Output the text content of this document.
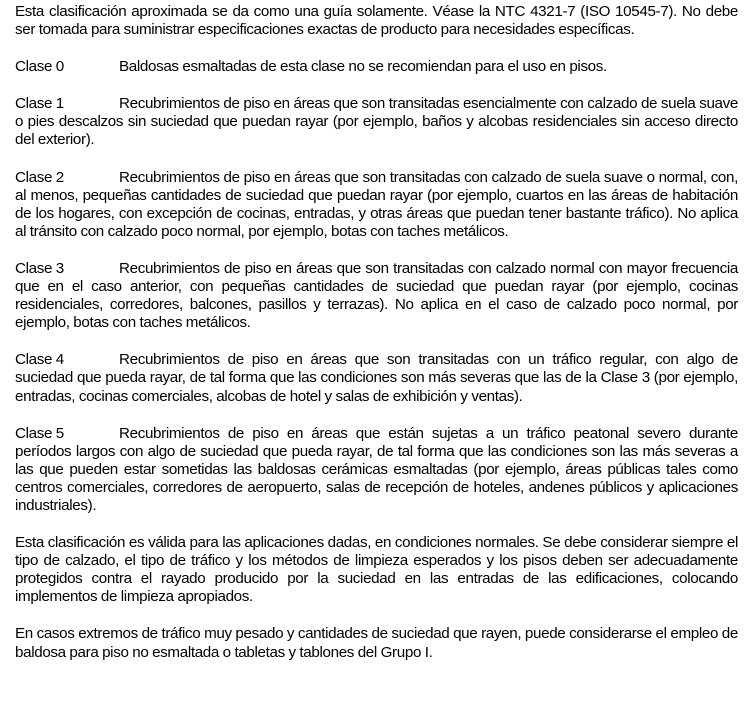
Esta clasificación aproximada se da como una guía solamente. Véase la NTC 4321-7 (ISO 10545-7). No debe ser tomada para suministrar especificaciones exactas de producto para necesidades específicas.

Clase 0	Baldosas esmaltadas de esta clase no se recomiendan para el uso en pisos.

Clase 1	Recubrimientos de piso en áreas que son transitadas esencialmente con calzado de suela suave o pies descalzos sin suciedad que puedan rayar (por ejemplo, baños y alcobas residenciales sin acceso directo del exterior).

Clase 2	Recubrimientos de piso en áreas que son transitadas con calzado de suela suave o normal, con, al menos, pequeñas cantidades de suciedad que puedan rayar (por ejemplo, cuartos en las áreas de habitación de los hogares, con excepción de cocinas, entradas, y otras áreas que puedan tener bastante tráfico). No aplica al tránsito con calzado poco normal, por ejemplo, botas con taches metálicos.

Clase 3	Recubrimientos de piso en áreas que son transitadas con calzado normal con mayor frecuencia que en el caso anterior, con pequeñas cantidades de suciedad que puedan rayar (por ejemplo, cocinas residenciales, corredores, balcones, pasillos y terrazas). No aplica en el caso de calzado poco normal, por ejemplo, botas con taches metálicos.

Clase 4	Recubrimientos de piso en áreas que son transitadas con un tráfico regular, con algo de suciedad que pueda rayar, de tal forma que las condiciones son más severas que las de la Clase 3 (por ejemplo, entradas, cocinas comerciales, alcobas de hotel y salas de exhibición y ventas).

Clase 5	Recubrimientos de piso en áreas que están sujetas a un tráfico peatonal severo durante períodos largos con algo de suciedad que pueda rayar, de tal forma que las condiciones son las más severas a las que pueden estar sometidas las baldosas cerámicas esmaltadas (por ejemplo, áreas públicas tales como centros comerciales, corredores de aeropuerto, salas de recepción de hoteles, andenes públicos y aplicaciones industriales).

Esta clasificación es válida para las aplicaciones dadas, en condiciones normales. Se debe considerar siempre el tipo de calzado, el tipo de tráfico y los métodos de limpieza esperados y los pisos deben ser adecuadamente protegidos contra el rayado producido por la suciedad en las entradas de las edificaciones, colocando implementos de limpieza apropiados.

En casos extremos de tráfico muy pesado y cantidades de suciedad que rayen, puede considerarse el empleo de baldosa para piso no esmaltada o tabletas y tablones del Grupo I.
